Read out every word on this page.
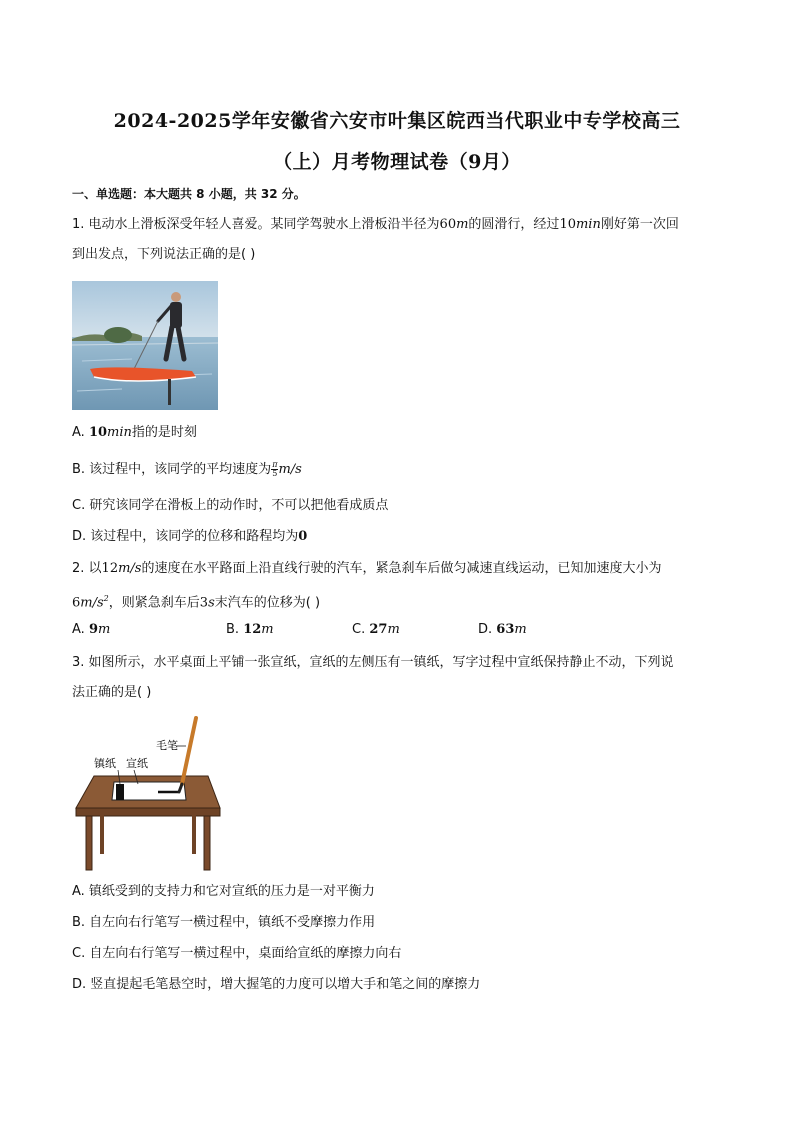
2024-2025学年安徽省六安市叶集区皖西当代职业中专学校高三
（上）月考物理试卷（9月）
一、单选题：本大题共 8 小题，共 32 分。
1. 电动水上滑板深受年轻人喜爱。某同学驾驶水上滑板沿半径为60m的圆滑行，经过10min刚好第一次回
到出发点，下列说法正确的是( )
A. 10min指的是时刻
B. 该过程中，该同学的平均速度为 $\frac{\pi}{5} m/s$
C. 研究该同学在滑板上的动作时，不可以把他看成质点
D. 该过程中，该同学的位移和路程均为0
2. 以12m/s的速度在水平路面上沿直线行驶的汽车，紧急刹车后做匀减速直线运动，已知加速度大小为
$6m/s^2$，则紧急刹车后3s末汽车的位移为( )
A. 9m	B. 12m	C. 27m	D. 63m
3. 如图所示，水平桌面上平铺一张宣纸，宣纸的左侧压有一镇纸，写字过程中宣纸保持静止不动，下列说
法正确的是( )
毛笔
镇纸 宣纸
A. 镇纸受到的支持力和它对宣纸的压力是一对平衡力
B. 自左向右行笔写一横过程中，镇纸不受摩擦力作用
C. 自左向右行笔写一横过程中，桌面给宣纸的摩擦力向右
D. 竖直提起毛笔悬空时，增大握笔的力度可以增大手和笔之间的摩擦力
